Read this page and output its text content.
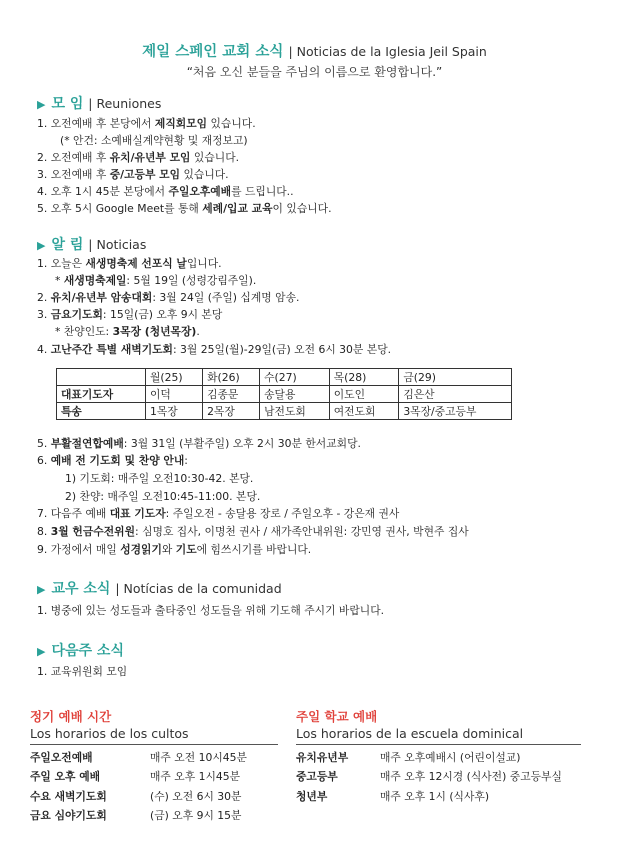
제일 스페인 교회 소식 | Noticias de la Iglesia Jeil Spain
“처음 오신 분들을 주님의 이름으로 환영합니다.”
▶ 모 임 | Reuniones
1. 오전예배 후 본당에서 제직회모임 있습니다.
(* 안건: 소예배실계약현황 및 재정보고)
2. 오전예배 후 유치/유년부 모임 있습니다.
3. 오전예배 후 중/고등부 모임 있습니다.
4. 오후 1시 45분 본당에서 주일오후예배를 드립니다..
5. 오후 5시 Google Meet를 통해 세례/입교 교육이 있습니다.
▶ 알 림 | Noticias
1. 오늘은 새생명축제 선포식 날입니다.
* 새생명축제일: 5월 19일 (성령강림주일).
2. 유치/유년부 암송대회: 3월 24일 (주일) 십계명 암송.
3. 금요기도회: 15일(금) 오후 9시 본당
* 찬양인도: 3목장 (청년목장).
4. 고난주간 특별 새벽기도회: 3월 25일(월)-29일(금) 오전 6시 30분 본당.
	월(25)	화(26)	수(27)	목(28)	금(29)
대표기도자	이덕	김종문	송달용	이도인	김은산
특송	1목장	2목장	남전도회	여전도회	3목장/중고등부
5. 부활절연합예배: 3월 31일 (부활주일) 오후 2시 30분 한서교회당.
6. 예배 전 기도회 및 찬양 안내:
1) 기도회: 매주일 오전10:30-42. 본당.
2) 찬양: 매주일 오전10:45-11:00. 본당.
7. 다음주 예배 대표 기도자: 주일오전 - 송달용 장로 / 주일오후 - 강은재 권사
8. 3월 헌금수전위원: 심명호 집사, 이명천 권사 / 새가족안내위원: 강민영 권사, 박현주 집사
9. 가정에서 매일 성경읽기와 기도에 힘쓰시기를 바랍니다.
▶ 교우 소식 | Notícias de la comunidad
1. 병중에 있는 성도들과 출타중인 성도들을 위해 기도해 주시기 바랍니다.
▶ 다음주 소식
1. 교육위원회 모임
정기 예배 시간
Los horarios de los cultos
주일오전예배	매주 오전 10시45분
주일 오후 예배	매주 오후 1시45분
수요 새벽기도회	(수) 오전 6시 30분
금요 심야기도회	(금) 오후 9시 15분
주일 학교 예배
Los horarios de la escuela dominical
유치유년부	매주 오후예배시 (어린이설교)
중고등부	매주 오후 12시경 (식사전) 중고등부실
청년부	매주 오후 1시 (식사후)
